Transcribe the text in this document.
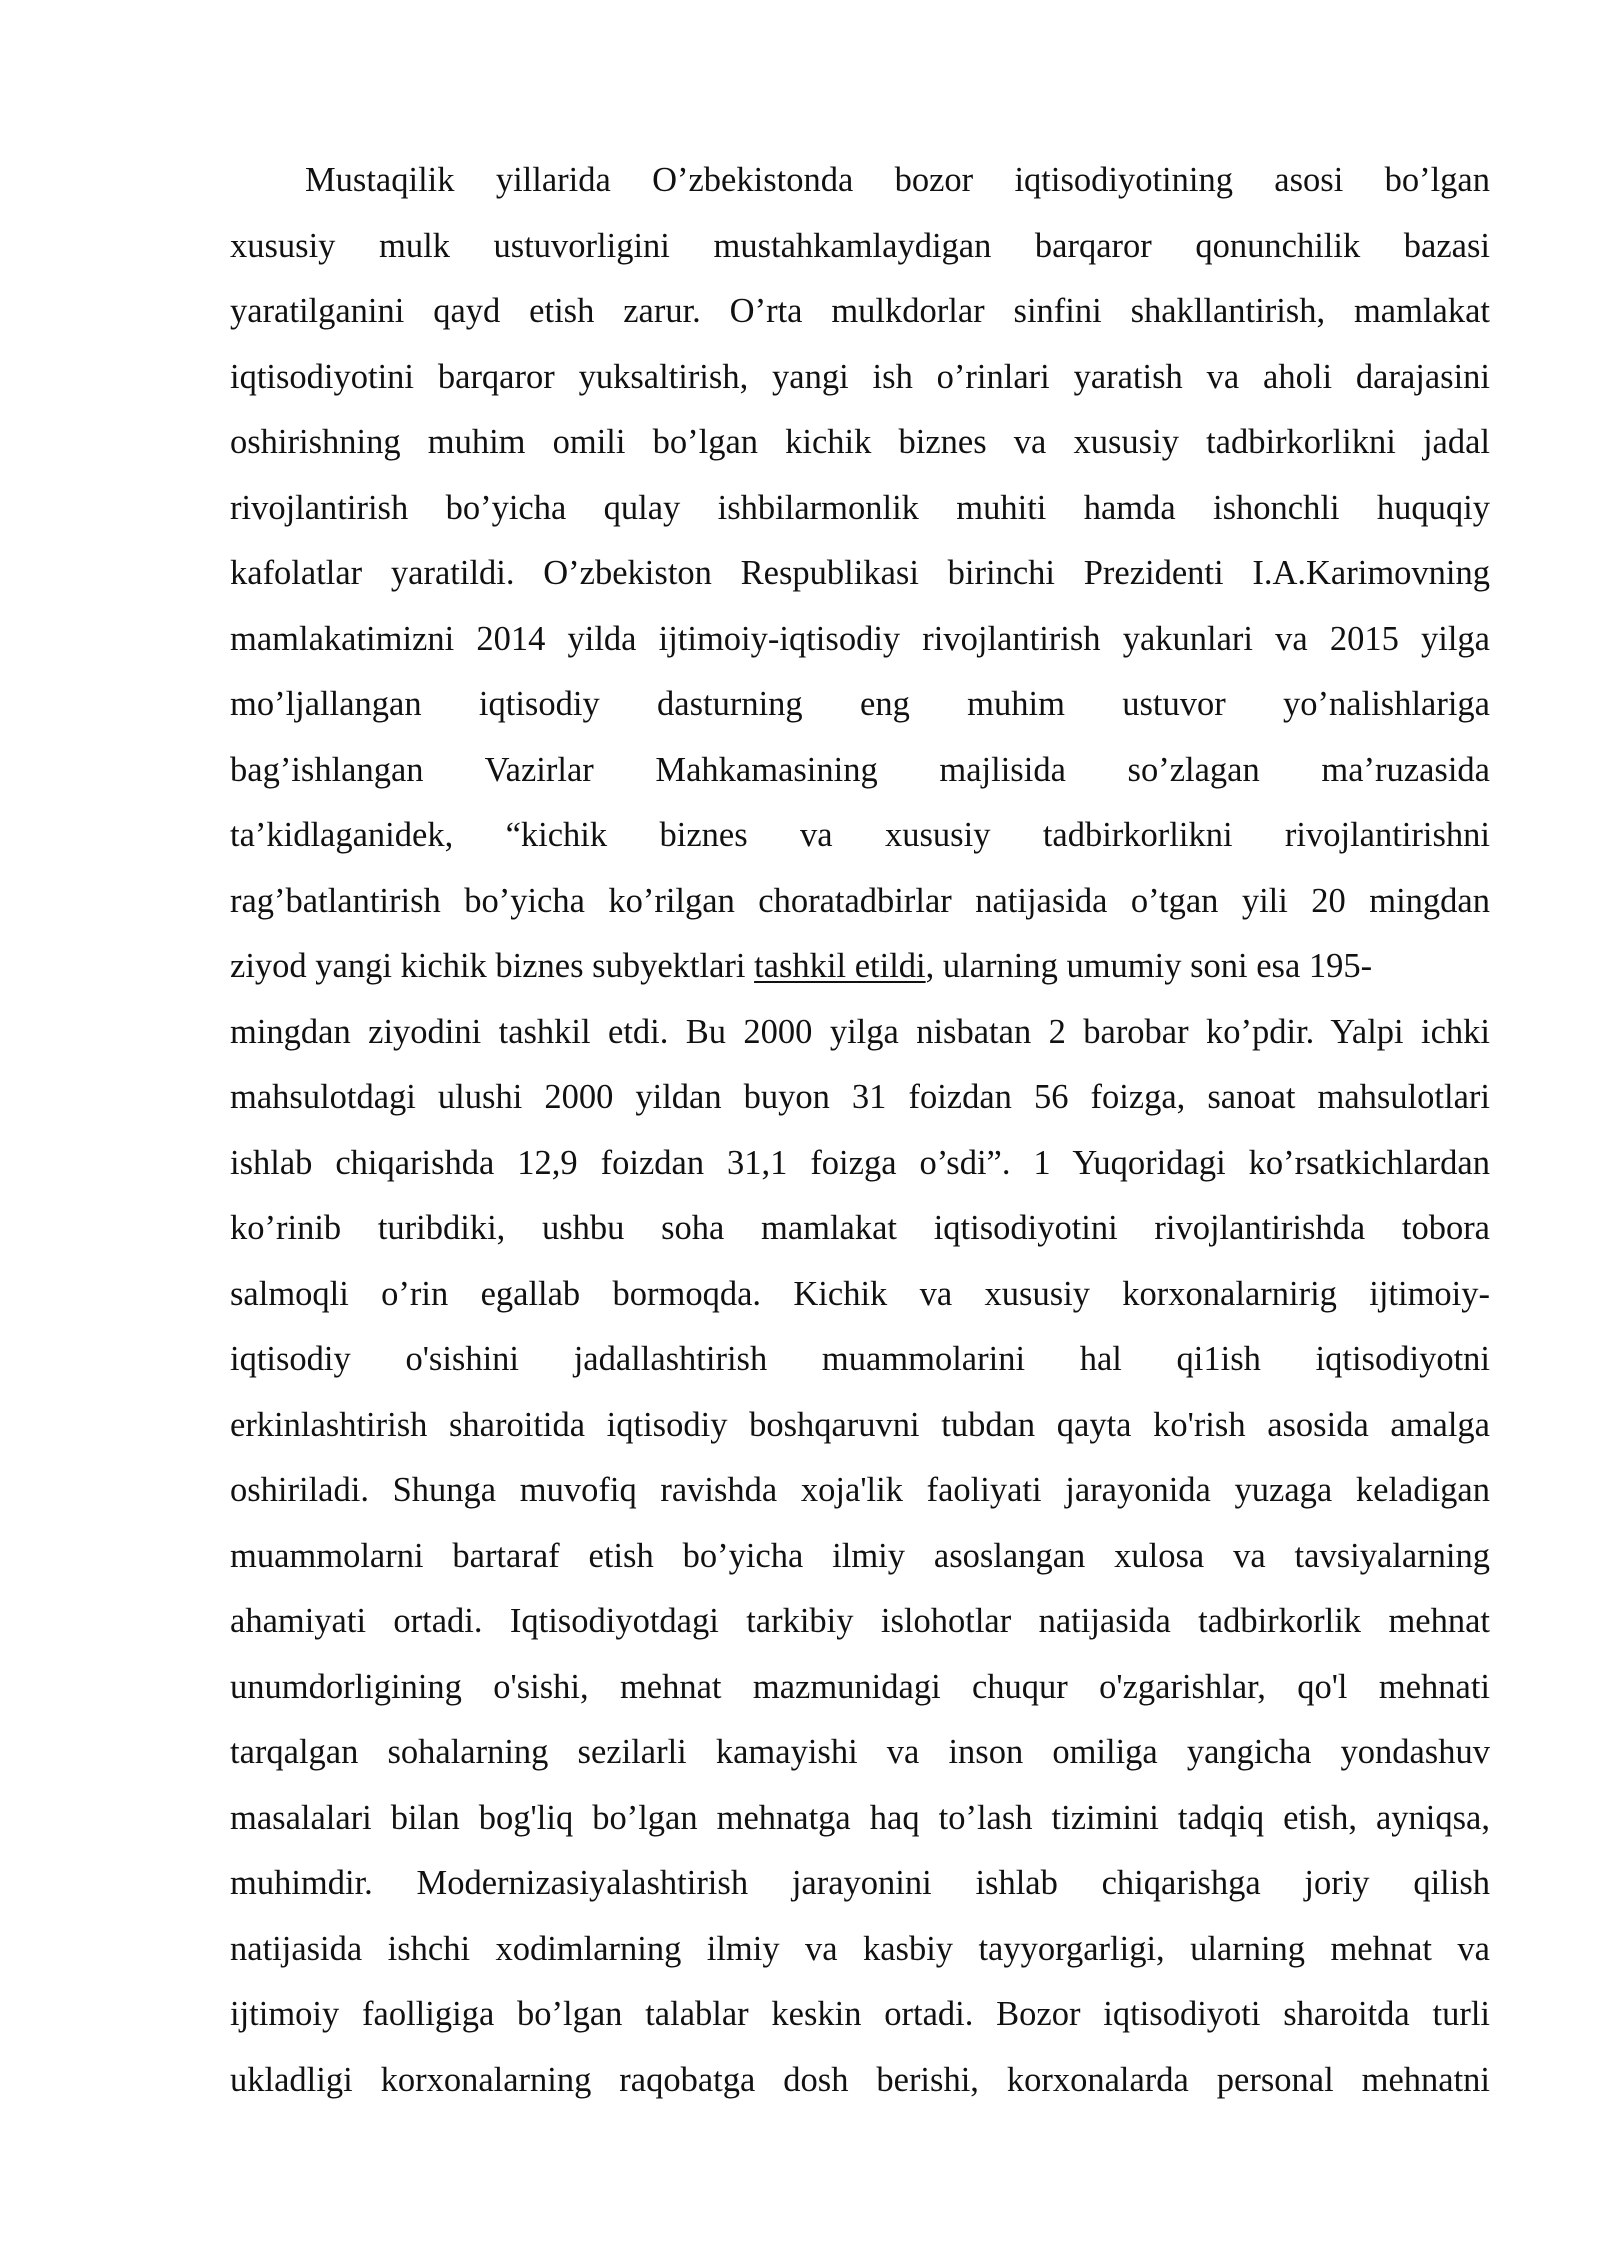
Mustaqilik yillarida O’zbekistonda bozor iqtisodiyotining asosi bo’lgan
xususiy mulk ustuvorligini mustahkamlaydigan barqaror qonunchilik bazasi
yaratilganini qayd etish zarur. O’rta mulkdorlar sinfini shakllantirish, mamlakat
iqtisodiyotini barqaror yuksaltirish, yangi ish o’rinlari yaratish va aholi darajasini
oshirishning muhim omili bo’lgan kichik biznes va xususiy tadbirkorlikni jadal
rivojlantirish bo’yicha qulay ishbilarmonlik muhiti hamda ishonchli huquqiy
kafolatlar yaratildi. O’zbekiston Respublikasi birinchi Prezidenti I.A.Karimovning
mamlakatimizni 2014 yilda ijtimoiy-iqtisodiy rivojlantirish yakunlari va 2015 yilga
mo’ljallangan iqtisodiy dasturning eng muhim ustuvor yo’nalishlariga
bag’ishlangan Vazirlar Mahkamasining majlisida so’zlagan ma’ruzasida
ta’kidlaganidek, “kichik biznes va xususiy tadbirkorlikni rivojlantirishni
rag’batlantirish bo’yicha ko’rilgan choratadbirlar natijasida o’tgan yili 20 mingdan
ziyod yangi kichik biznes subyektlari tashkil etildi, ularning umumiy soni esa 195-
mingdan ziyodini tashkil etdi. Bu 2000 yilga nisbatan 2 barobar ko’pdir. Yalpi ichki
mahsulotdagi ulushi 2000 yildan buyon 31 foizdan 56 foizga, sanoat mahsulotlari
ishlab chiqarishda 12,9 foizdan 31,1 foizga o’sdi”. 1 Yuqoridagi ko’rsatkichlardan
ko’rinib turibdiki, ushbu soha mamlakat iqtisodiyotini rivojlantirishda tobora
salmoqli o’rin egallab bormoqda. Kichik va xususiy korxonalarnirig ijtimoiy-
iqtisodiy o'sishini jadallashtirish muammolarini hal qi1ish iqtisodiyotni
erkinlashtirish sharoitida iqtisodiy boshqaruvni tubdan qayta ko'rish asosida amalga
oshiriladi. Shunga muvofiq ravishda xoja'lik faoliyati jarayonida yuzaga keladigan
muammolarni bartaraf etish bo’yicha ilmiy asoslangan xulosa va tavsiyalarning
ahamiyati ortadi. Iqtisodiyotdagi tarkibiy islohotlar natijasida tadbirkorlik mehnat
unumdorligining o'sishi, mehnat mazmunidagi chuqur o'zgarishlar, qo'l mehnati
tarqalgan sohalarning sezilarli kamayishi va inson omiliga yangicha yondashuv
masalalari bilan bog'liq bo’lgan mehnatga haq to’lash tizimini tadqiq etish, ayniqsa,
muhimdir. Modernizasiyalashtirish jarayonini ishlab chiqarishga joriy qilish
natijasida ishchi xodimlarning ilmiy va kasbiy tayyorgarligi, ularning mehnat va
ijtimoiy faolligiga bo’lgan talablar keskin ortadi. Bozor iqtisodiyoti sharoitda turli
ukladligi korxonalarning raqobatga dosh berishi, korxonalarda personal mehnatni
